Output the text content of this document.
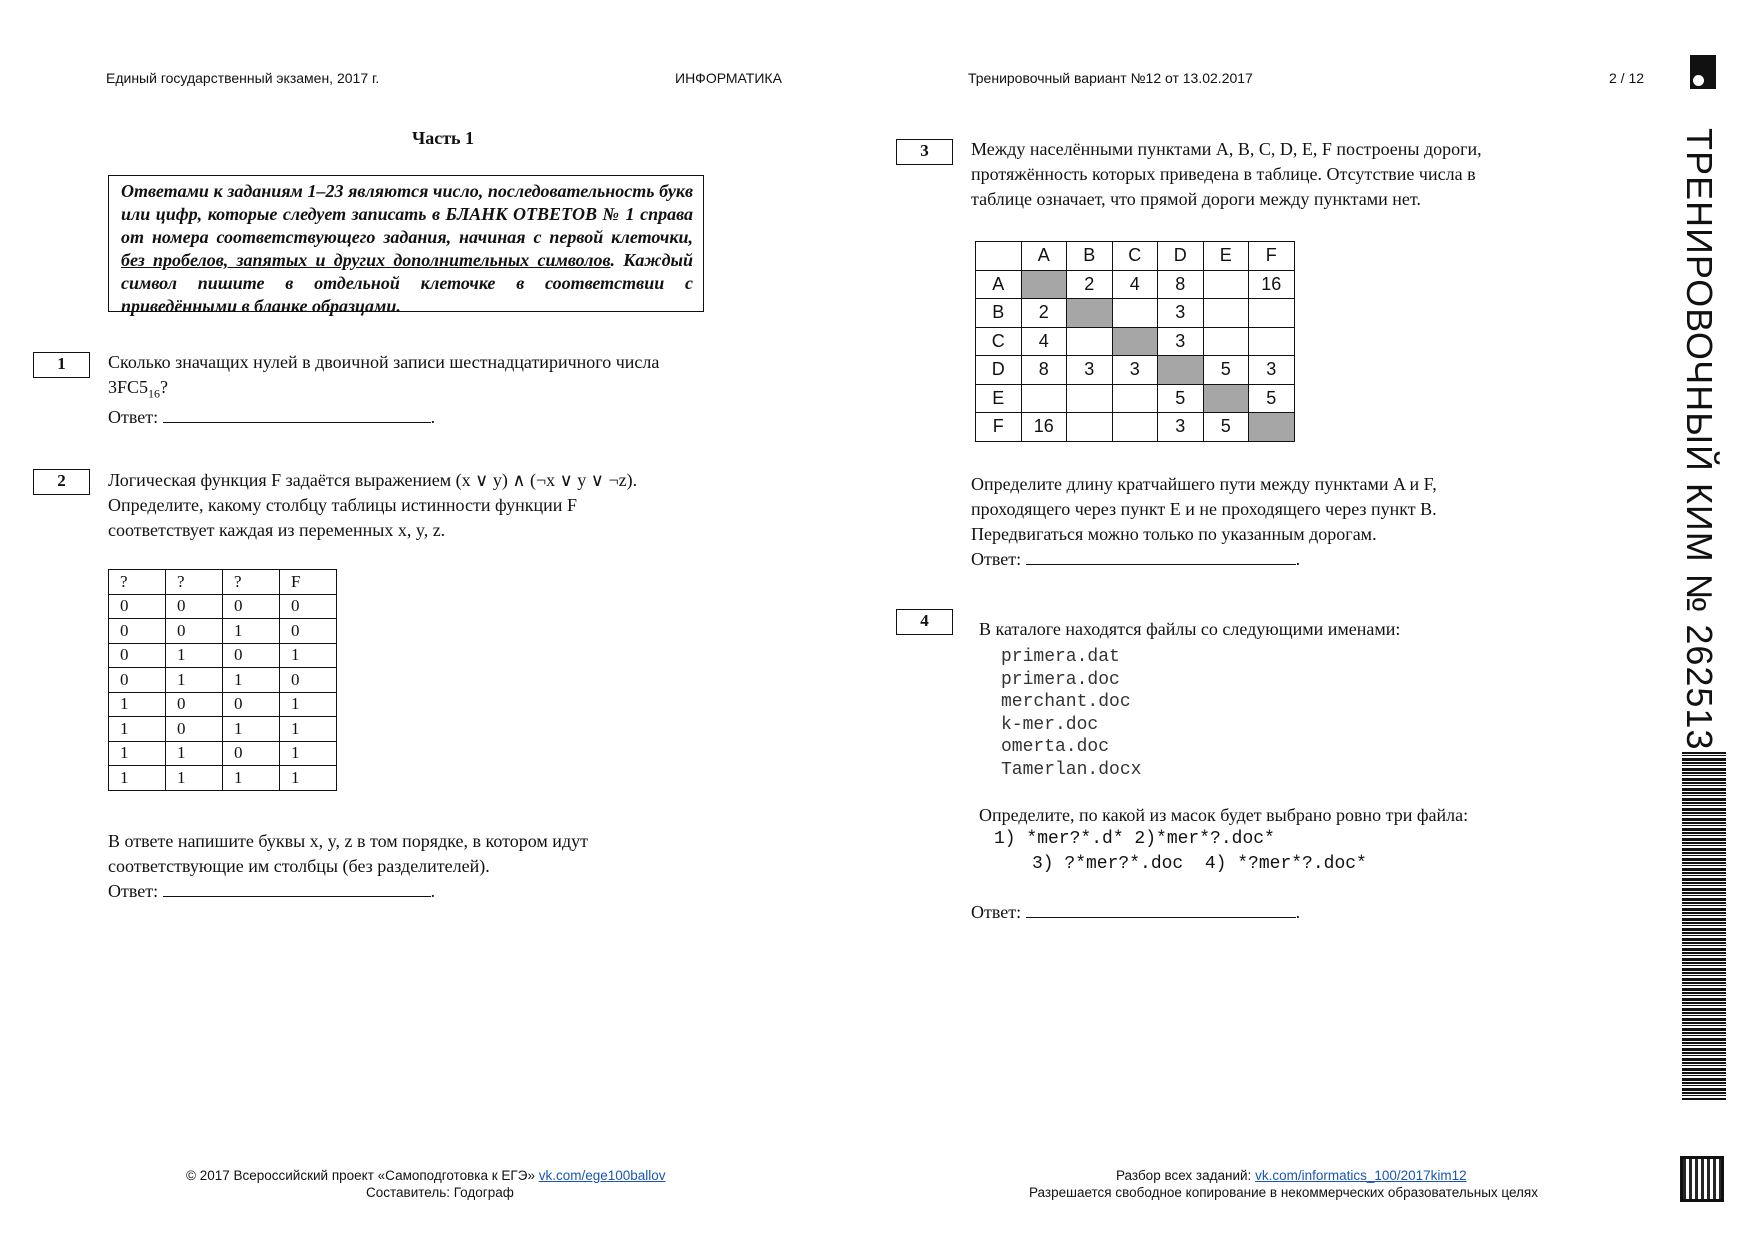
Единый государственный экзамен, 2017 г.	ИНФОРМАТИКА	Тренировочный вариант №12 от 13.02.2017	2 / 12
Часть 1
Ответами к заданиям 1–23 являются число, последовательность букв или цифр, которые следует записать в БЛАНК ОТВЕТОВ № 1 справа от номера соответствующего задания, начиная с первой клеточки, без пробелов, запятых и других дополнительных символов. Каждый символ пишите в отдельной клеточке в соответствии с приведёнными в бланке образцами.
1	Сколько значащих нулей в двоичной записи шестнадцатиричного числа
$3FC5_{16}$?
Ответ:	.
2	Логическая функция F задаётся выражением (x ∨ y) ∧ (¬x ∨ y ∨ ¬z).
Определите, какому столбцу таблицы истинности функции F
соответствует каждая из переменных x, y, z.
?	?	?	F
0	0	0	0
0	0	1	0
0	1	0	1
0	1	1	0
1	0	0	1
1	0	1	1
1	1	0	1
1	1	1	1
В ответе напишите буквы x, y, z в том порядке, в котором идут
соответствующие им столбцы (без разделителей).
Ответ:	.
3	Между населёнными пунктами A, B, C, D, E, F построены дороги,
протяжённость которых приведена в таблице. Отсутствие числа в
таблице означает, что прямой дороги между пунктами нет.
	A	B	C	D	E	F
A		2	4	8		16
B	2			3		
C	4			3		
D	8	3	3		5	3
E				5		5
F	16			3	5	
Определите длину кратчайшего пути между пунктами A и F,
проходящего через пункт E и не проходящего через пункт B.
Передвигаться можно только по указанным дорогам.
Ответ:	.
4	В каталоге находятся файлы со следующими именами:
primera.dat
primera.doc
merchant.doc
k-mer.doc
omerta.doc
Tamerlan.docx
Определите, по какой из масок будет выбрано ровно три файла:
1) *mer?*.d* 2)*mer*?.doc*
3) ?*mer?*.doc  4) *?mer*?.doc*
Ответ:	.
© 2017 Всероссийский проект «Самоподготовка к ЕГЭ» vk.com/ege100ballov
Составитель: Годограф
Разбор всех заданий: vk.com/informatics_100/2017kim12
Разрешается свободное копирование в некоммерческих образовательных целях
ТРЕНИРОВОЧНЫЙ КИМ № 262513
